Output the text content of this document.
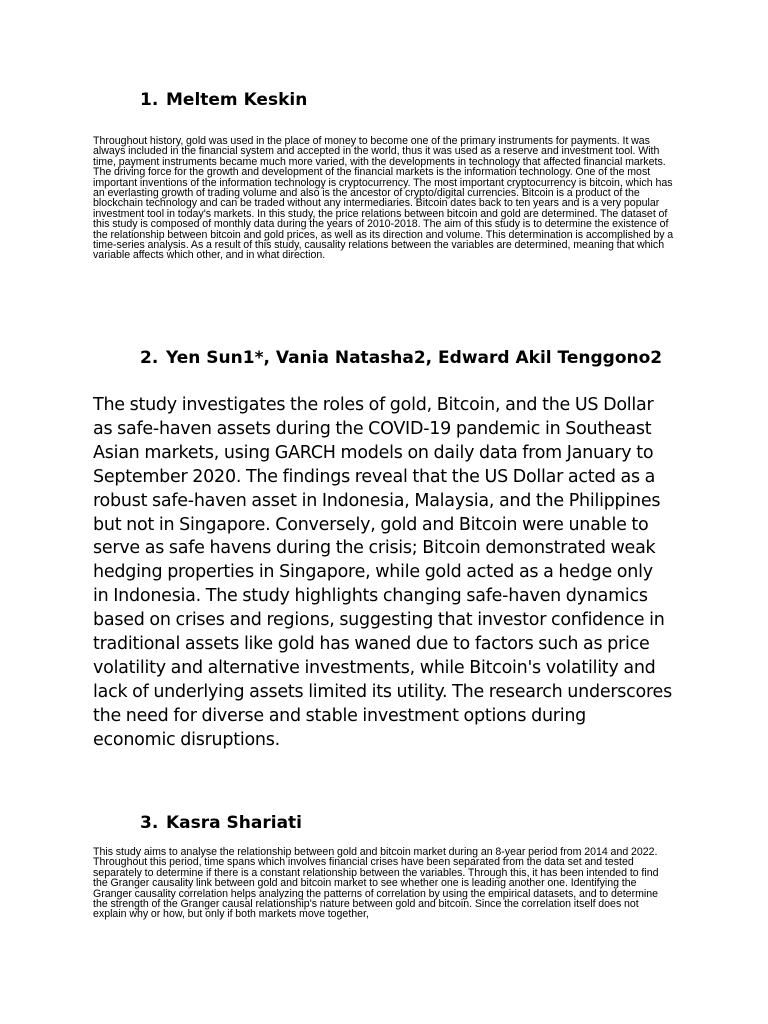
1. Meltem Keskin

Throughout history, gold was used in the place of money to become one of the primary instruments for payments. It was always included in the financial system and accepted in the world, thus it was used as a reserve and investment tool. With time, payment instruments became much more varied, with the developments in technology that affected financial markets. The driving force for the growth and development of the financial markets is the information technology. One of the most important inventions of the information technology is cryptocurrency. The most important cryptocurrency is bitcoin, which has an everlasting growth of trading volume and also is the ancestor of crypto/digital currencies. Bitcoin is a product of the blockchain technology and can be traded without any intermediaries. Bitcoin dates back to ten years and is a very popular investment tool in today's markets. In this study, the price relations between bitcoin and gold are determined. The dataset of this study is composed of monthly data during the years of 2010-2018. The aim of this study is to determine the existence of the relationship between bitcoin and gold prices, as well as its direction and volume. This determination is accomplished by a time-series analysis. As a result of this study, causality relations between the variables are determined, meaning that which variable affects which other, and in what direction.

2. Yen Sun1*, Vania Natasha2, Edward Akil Tenggono2

The study investigates the roles of gold, Bitcoin, and the US Dollar as safe-haven assets during the COVID-19 pandemic in Southeast Asian markets, using GARCH models on daily data from January to September 2020. The findings reveal that the US Dollar acted as a robust safe-haven asset in Indonesia, Malaysia, and the Philippines but not in Singapore. Conversely, gold and Bitcoin were unable to serve as safe havens during the crisis; Bitcoin demonstrated weak hedging properties in Singapore, while gold acted as a hedge only in Indonesia. The study highlights changing safe-haven dynamics based on crises and regions, suggesting that investor confidence in traditional assets like gold has waned due to factors such as price volatility and alternative investments, while Bitcoin's volatility and lack of underlying assets limited its utility. The research underscores the need for diverse and stable investment options during economic disruptions.

3. Kasra Shariati

This study aims to analyse the relationship between gold and bitcoin market during an 8-year period from 2014 and 2022. Throughout this period, time spans which involves financial crises have been separated from the data set and tested separately to determine if there is a constant relationship between the variables. Through this, it has been intended to find the Granger causality link between gold and bitcoin market to see whether one is leading another one. Identifying the Granger causality correlation helps analyzing the patterns of correlation by using the empirical datasets, and to determine the strength of the Granger causal relationship's nature between gold and bitcoin. Since the correlation itself does not explain why or how, but only if both markets move together,
